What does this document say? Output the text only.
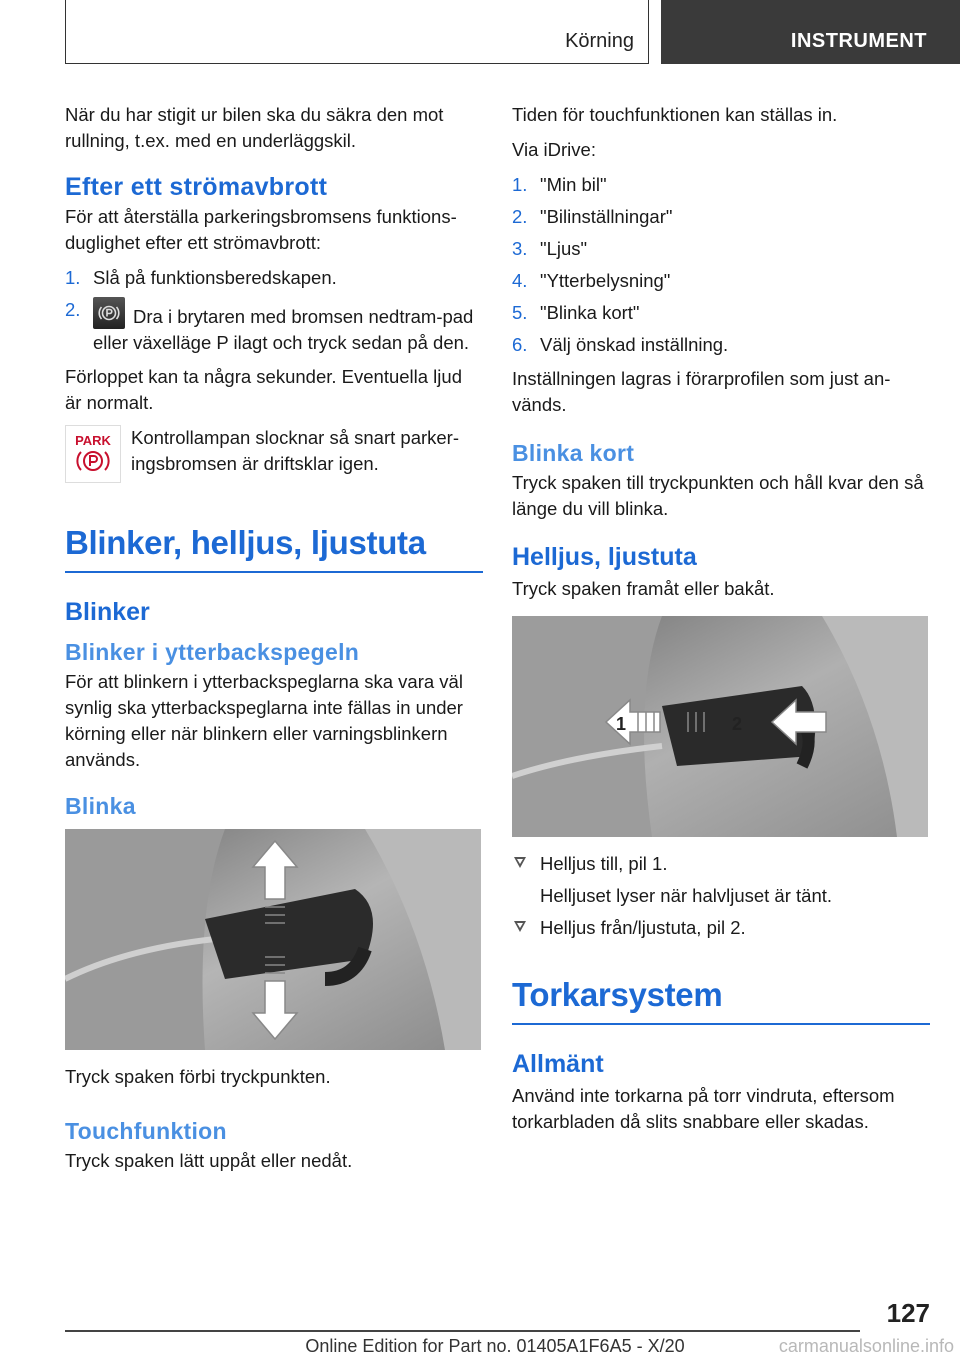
Körning	INSTRUMENT

När du har stigit ur bilen ska du säkra den mot rullning, t.ex. med en underläggskil.

Efter ett strömavbrott

För att återställa parkeringsbromsens funktions-duglighet efter ett strömavbrott:

1. Slå på funktionsberedskapen.
2.	Dra i brytaren med bromsen nedtram-pad eller växelläge P ilagt och tryck sedan på den.

Förloppet kan ta några sekunder. Eventuella ljud är normalt.

PARK Kontrollampan slocknar så snart parker-ingsbromsen är driftsklar igen.
Blinker, helljus, ljustuta
Blinker
Blinker i ytterbackspegeln

För att blinkern i ytterbackspeglarna ska vara väl synlig ska ytterbackspeglarna inte fällas in under körning eller när blinkern eller varningsblinkern används.

Blinka

Tryck spaken förbi tryckpunkten.

Touchfunktion

Tryck spaken lätt uppåt eller nedåt.

Tiden för touchfunktionen kan ställas in.

Via iDrive:

1. "Min bil"
2. "Bilinställningar"
3. "Ljus"
4. "Ytterbelysning"
5. "Blinka kort"
6. Välj önskad inställning.

Inställningen lagras i förarprofilen som just an-vänds.

Blinka kort

Tryck spaken till tryckpunkten och håll kvar den så länge du vill blinka.

Helljus, ljustuta

Tryck spaken framåt eller bakåt.

1	2
Helljus till, pil 1.
Helljuset lyser när halvljuset är tänt.
Helljus från/ljustuta, pil 2.
Torkarsystem
Allmänt

Använd inte torkarna på torr vindruta, eftersom torkarbladen då slits snabbare eller skadas.

127
Online Edition for Part no. 01405A1F6A5 - X/20	carmanualsonline.info
